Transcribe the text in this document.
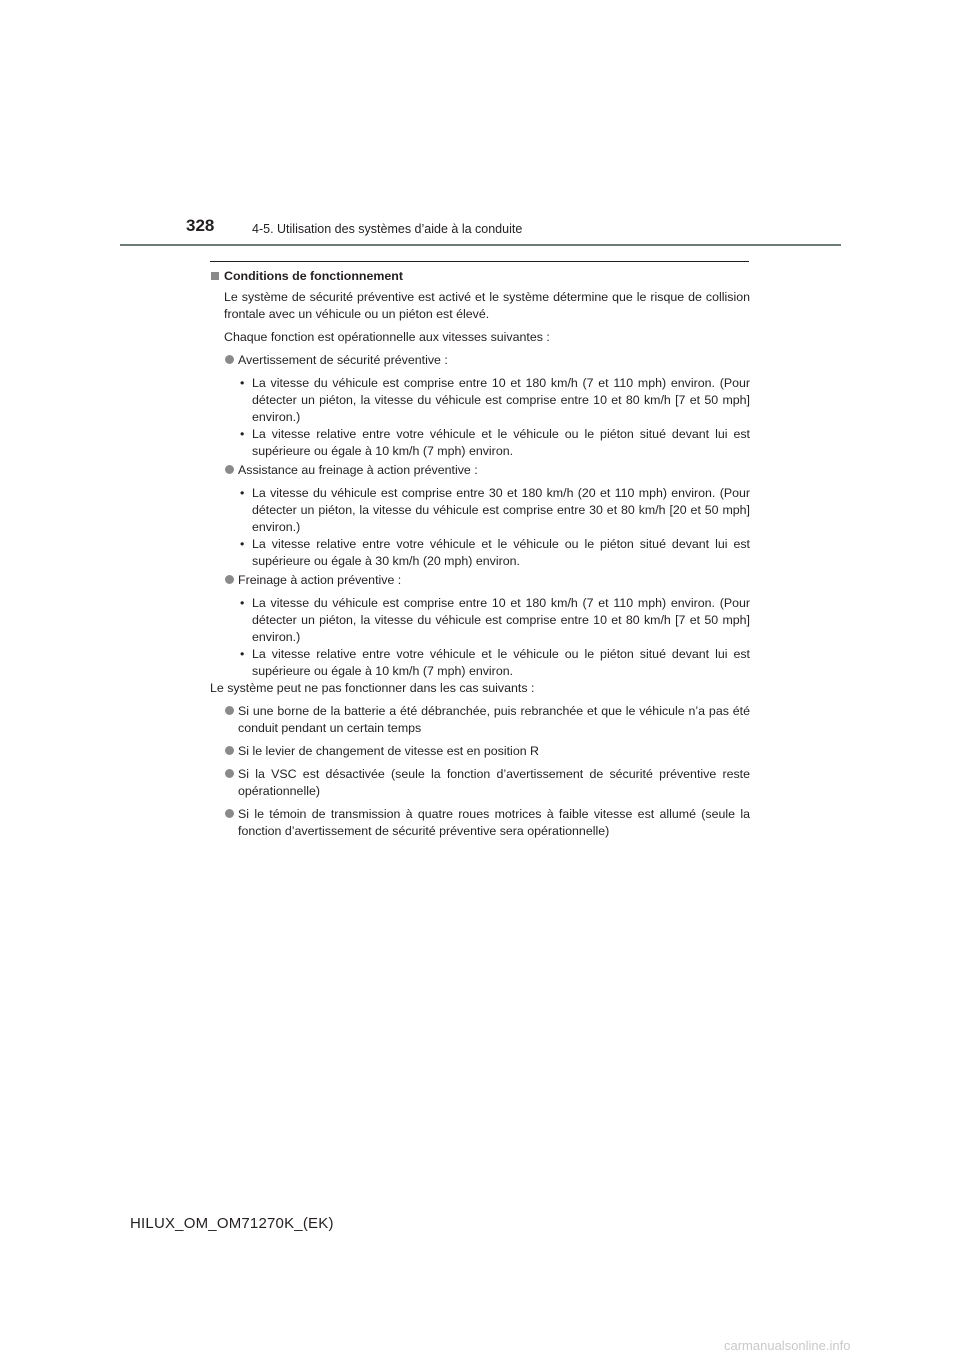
328	4-5. Utilisation des systèmes d’aide à la conduite
Conditions de fonctionnement

Le système de sécurité préventive est activé et le système détermine que le risque de collision frontale avec un véhicule ou un piéton est élevé.

Chaque fonction est opérationnelle aux vitesses suivantes :

Avertissement de sécurité préventive :

• La vitesse du véhicule est comprise entre 10 et 180 km/h (7 et 110 mph) environ. (Pour détecter un piéton, la vitesse du véhicule est comprise entre 10 et 80 km/h [7 et 50 mph] environ.)

• La vitesse relative entre votre véhicule et le véhicule ou le piéton situé devant lui est supérieure ou égale à 10 km/h (7 mph) environ.

Assistance au freinage à action préventive :

• La vitesse du véhicule est comprise entre 30 et 180 km/h (20 et 110 mph) environ. (Pour détecter un piéton, la vitesse du véhicule est comprise entre 30 et 80 km/h [20 et 50 mph] environ.)

• La vitesse relative entre votre véhicule et le véhicule ou le piéton situé devant lui est supérieure ou égale à 30 km/h (20 mph) environ.

Freinage à action préventive :

• La vitesse du véhicule est comprise entre 10 et 180 km/h (7 et 110 mph) environ. (Pour détecter un piéton, la vitesse du véhicule est comprise entre 10 et 80 km/h [7 et 50 mph] environ.)

• La vitesse relative entre votre véhicule et le véhicule ou le piéton situé devant lui est supérieure ou égale à 10 km/h (7 mph) environ.

Le système peut ne pas fonctionner dans les cas suivants :

Si une borne de la batterie a été débranchée, puis rebranchée et que le véhicule n’a pas été conduit pendant un certain temps
Si le levier de changement de vitesse est en position R
Si la VSC est désactivée (seule la fonction d’avertissement de sécurité préventive reste opérationnelle)
Si le témoin de transmission à quatre roues motrices à faible vitesse est allumé (seule la fonction d’avertissement de sécurité préventive sera opérationnelle)
HILUX_OM_OM71270K_(EK)
carmanualsonline.info
